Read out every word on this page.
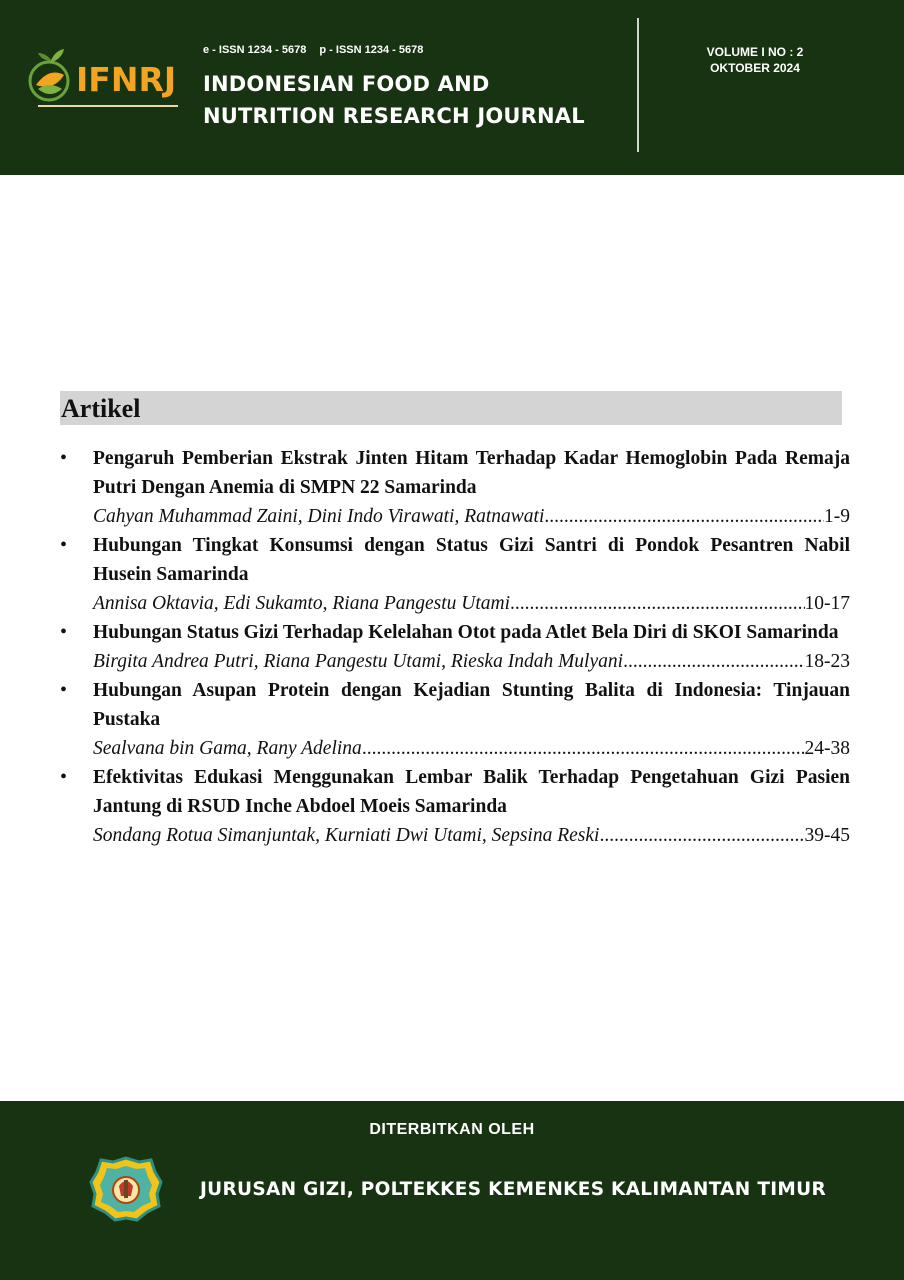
IFNRJ
e - ISSN 1234 - 5678 p - ISSN 1234 - 5678
INDONESIAN FOOD AND
NUTRITION RESEARCH JOURNAL
VOLUME I NO : 2
OKTOBER 2024
Artikel
• Pengaruh Pemberian Ekstrak Jinten Hitam Terhadap Kadar Hemoglobin Pada Remaja Putri Dengan Anemia di SMPN 22 Samarinda
Cahyan Muhammad Zaini, Dini Indo Virawati, Ratnawati .....	1-9
• Hubungan Tingkat Konsumsi dengan Status Gizi Santri di Pondok Pesantren Nabil Husein Samarinda
Annisa Oktavia, Edi Sukamto, Riana Pangestu Utami .....	10-17
• Hubungan Status Gizi Terhadap Kelelahan Otot pada Atlet Bela Diri di SKOI Samarinda
Birgita Andrea Putri, Riana Pangestu Utami, Rieska Indah Mulyani .....	18-23
• Hubungan Asupan Protein dengan Kejadian Stunting Balita di Indonesia: Tinjauan Pustaka
Sealvana bin Gama, Rany Adelina .....	24-38
• Efektivitas Edukasi Menggunakan Lembar Balik Terhadap Pengetahuan Gizi Pasien Jantung di RSUD Inche Abdoel Moeis Samarinda
Sondang Rotua Simanjuntak, Kurniati Dwi Utami, Sepsina Reski .....	39-45
DITERBITKAN OLEH
JURUSAN GIZI, POLTEKKES KEMENKES KALIMANTAN TIMUR
